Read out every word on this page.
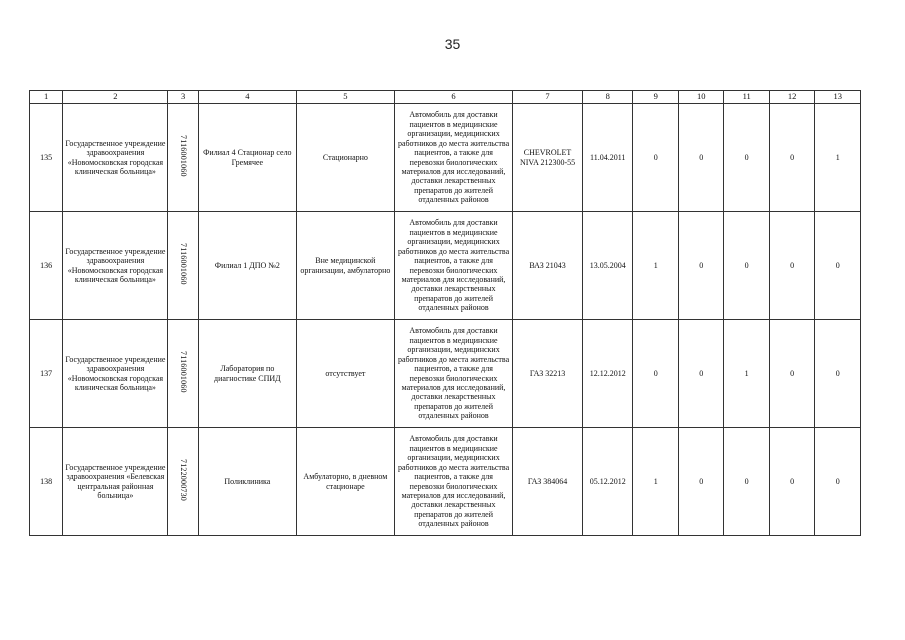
35
1	2	3	4	5	6	7	8	9	10	11	12	13
135	Государственное учреждение здравоохранения «Новомосковская городская клиническая больница»	7116001060	Филиал 4 Стационар село Гремячее	Стационарно	Автомобиль для доставки пациентов в медицинские организации, медицинских работников до места жительства пациентов, а также для перевозки биологических материалов для исследований, доставки лекарственных препаратов до жителей отдаленных районов	CHEVROLET NIVA 212300-55	11.04.2011	0	0	0	0	1
136	Государственное учреждение здравоохранения «Новомосковская городская клиническая больница»	7116001060	Филиал 1 ДПО №2	Вне медицинской организации, амбулаторно	Автомобиль для доставки пациентов в медицинские организации, медицинских работников до места жительства пациентов, а также для перевозки биологических материалов для исследований, доставки лекарственных препаратов до жителей отдаленных районов	ВАЗ 21043	13.05.2004	1	0	0	0	0
137	Государственное учреждение здравоохранения «Новомосковская городская клиническая больница»	7116001060	Лаборатория по диагностике СПИД	отсутствует	Автомобиль для доставки пациентов в медицинские организации, медицинских работников до места жительства пациентов, а также для перевозки биологических материалов для исследований, доставки лекарственных препаратов до жителей отдаленных районов	ГАЗ 32213	12.12.2012	0	0	1	0	0
138	Государственное учреждение здравоохранения «Белевская центральная районная больница»	7122000730	Поликлиника	Амбулаторно, в дневном стационаре	Автомобиль для доставки пациентов в медицинские организации, медицинских работников до места жительства пациентов, а также для перевозки биологических материалов для исследований, доставки лекарственных препаратов до жителей отдаленных районов	ГАЗ 384064	05.12.2012	1	0	0	0	0
